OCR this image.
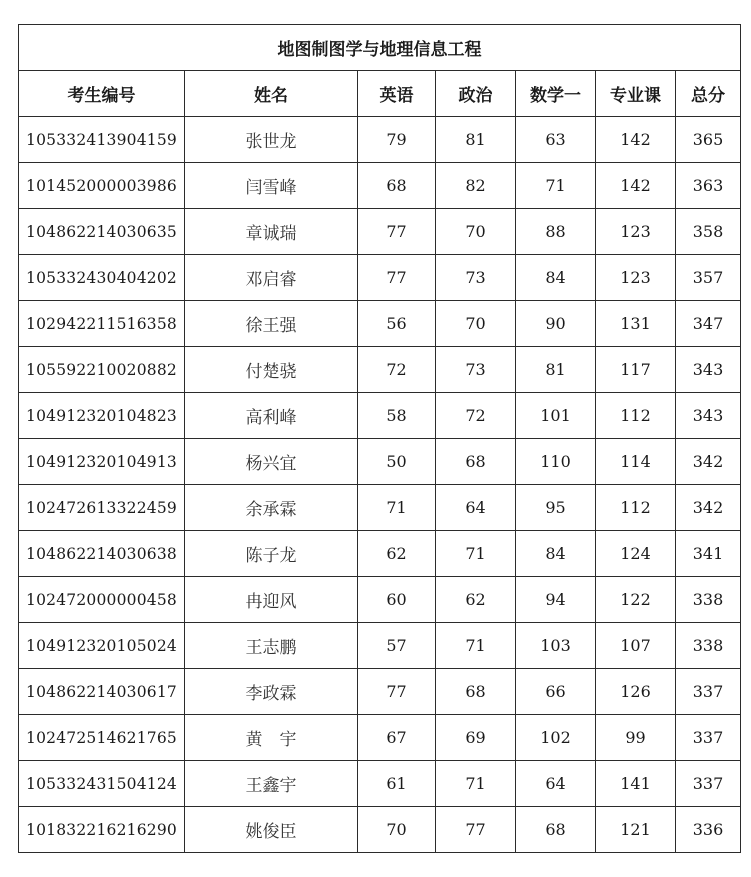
地图制图学与地理信息工程						
考生编号	姓名	英语	政治	数学一	专业课	总分
105332413904159	张世龙	79	81	63	142	365
101452000003986	闫雪峰	68	82	71	142	363
104862214030635	章诚瑞	77	70	88	123	358
105332430404202	邓启睿	77	73	84	123	357
102942211516358	徐王强	56	70	90	131	347
105592210020882	付楚骁	72	73	81	117	343
104912320104823	高利峰	58	72	101	112	343
104912320104913	杨兴宜	50	68	110	114	342
102472613322459	余承霖	71	64	95	112	342
104862214030638	陈子龙	62	71	84	124	341
102472000000458	冉迎风	60	62	94	122	338
104912320105024	王志鹏	57	71	103	107	338
104862214030617	李政霖	77	68	66	126	337
102472514621765	黄　宇	67	69	102	99	337
105332431504124	王鑫宇	61	71	64	141	337
101832216216290	姚俊臣	70	77	68	121	336
